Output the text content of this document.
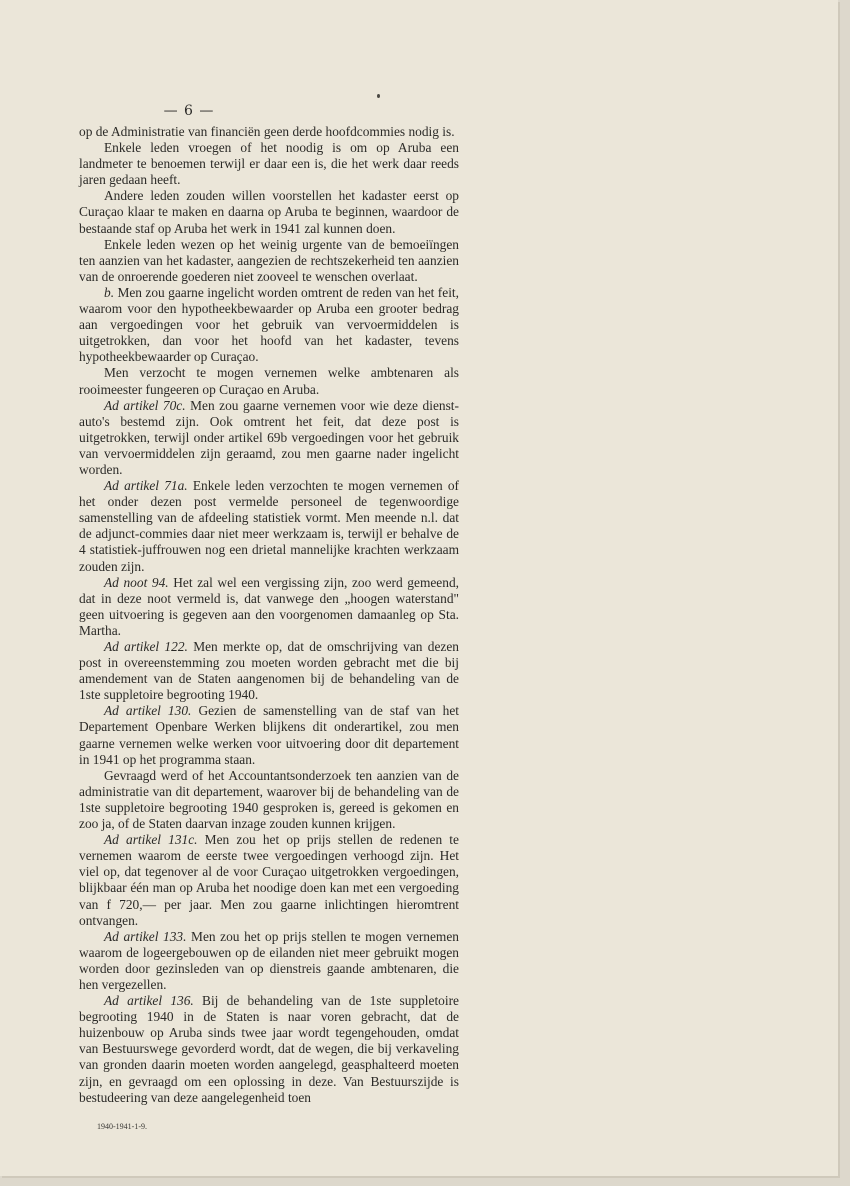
— 6 —

op de Administratie van financiën geen derde hoofdcommies nodig is.

Enkele leden vroegen of het noodig is om op Aruba een landmeter te benoemen terwijl er daar een is, die het werk daar reeds jaren gedaan heeft.

Andere leden zouden willen voorstellen het kadaster eerst op Curaçao klaar te maken en daarna op Aruba te beginnen, waardoor de bestaande staf op Aruba het werk in 1941 zal kunnen doen.

Enkele leden wezen op het weinig urgente van de bemoeiïngen ten aanzien van het kadaster, aangezien de rechtszekerheid ten aanzien van de onroerende goederen niet zooveel te wenschen overlaat.

b. Men zou gaarne ingelicht worden omtrent de reden van het feit, waarom voor den hypotheekbewaarder op Aruba een grooter bedrag aan vergoedingen voor het gebruik van vervoermiddelen is uitgetrokken, dan voor het hoofd van het kadaster, tevens hypotheekbewaarder op Curaçao.

Men verzocht te mogen vernemen welke ambtenaren als rooimeester fungeeren op Curaçao en Aruba.

Ad artikel 70c. Men zou gaarne vernemen voor wie deze dienst-auto's bestemd zijn. Ook omtrent het feit, dat deze post is uitgetrokken, terwijl onder artikel 69b vergoedingen voor het gebruik van vervoermiddelen zijn geraamd, zou men gaarne nader ingelicht worden.

Ad artikel 71a. Enkele leden verzochten te mogen vernemen of het onder dezen post vermelde personeel de tegenwoordige samenstelling van de afdeeling statistiek vormt. Men meende n.l. dat de adjunct-commies daar niet meer werkzaam is, terwijl er behalve de 4 statistiek-juffrouwen nog een drietal mannelijke krachten werkzaam zouden zijn.

Ad noot 94. Het zal wel een vergissing zijn, zoo werd gemeend, dat in deze noot vermeld is, dat vanwege den „hoogen waterstand" geen uitvoering is gegeven aan den voorgenomen damaanleg op Sta. Martha.

Ad artikel 122. Men merkte op, dat de omschrijving van dezen post in overeenstemming zou moeten worden gebracht met die bij amendement van de Staten aangenomen bij de behandeling van de 1ste suppletoire begrooting 1940.

Ad artikel 130. Gezien de samenstelling van de staf van het Departement Openbare Werken blijkens dit onderartikel, zou men gaarne vernemen welke werken voor uitvoering door dit departement in 1941 op het programma staan.

Gevraagd werd of het Accountantsonderzoek ten aanzien van de administratie van dit departement, waarover bij de behandeling van de 1ste suppletoire begrooting 1940 gesproken is, gereed is gekomen en zoo ja, of de Staten daarvan inzage zouden kunnen krijgen.

Ad artikel 131c. Men zou het op prijs stellen de redenen te vernemen waarom de eerste twee vergoedingen verhoogd zijn. Het viel op, dat tegenover al de voor Curaçao uitgetrokken vergoedingen, blijkbaar één man op Aruba het noodige doen kan met een vergoeding van f 720,— per jaar. Men zou gaarne inlichtingen hieromtrent ontvangen.

Ad artikel 133. Men zou het op prijs stellen te mogen vernemen waarom de logeergebouwen op de eilanden niet meer gebruikt mogen worden door gezinsleden van op dienstreis gaande ambtenaren, die hen vergezellen.

Ad artikel 136. Bij de behandeling van de 1ste suppletoire begrooting 1940 in de Staten is naar voren gebracht, dat de huizenbouw op Aruba sinds twee jaar wordt tegengehouden, omdat van Bestuurswege gevorderd wordt, dat de wegen, die bij verkaveling van gronden daarin moeten worden aangelegd, geasphalteerd moeten zijn, en gevraagd om een oplossing in deze. Van Bestuurszijde is bestudeering van deze aangelegenheid toen

1940-1941-1-9.
